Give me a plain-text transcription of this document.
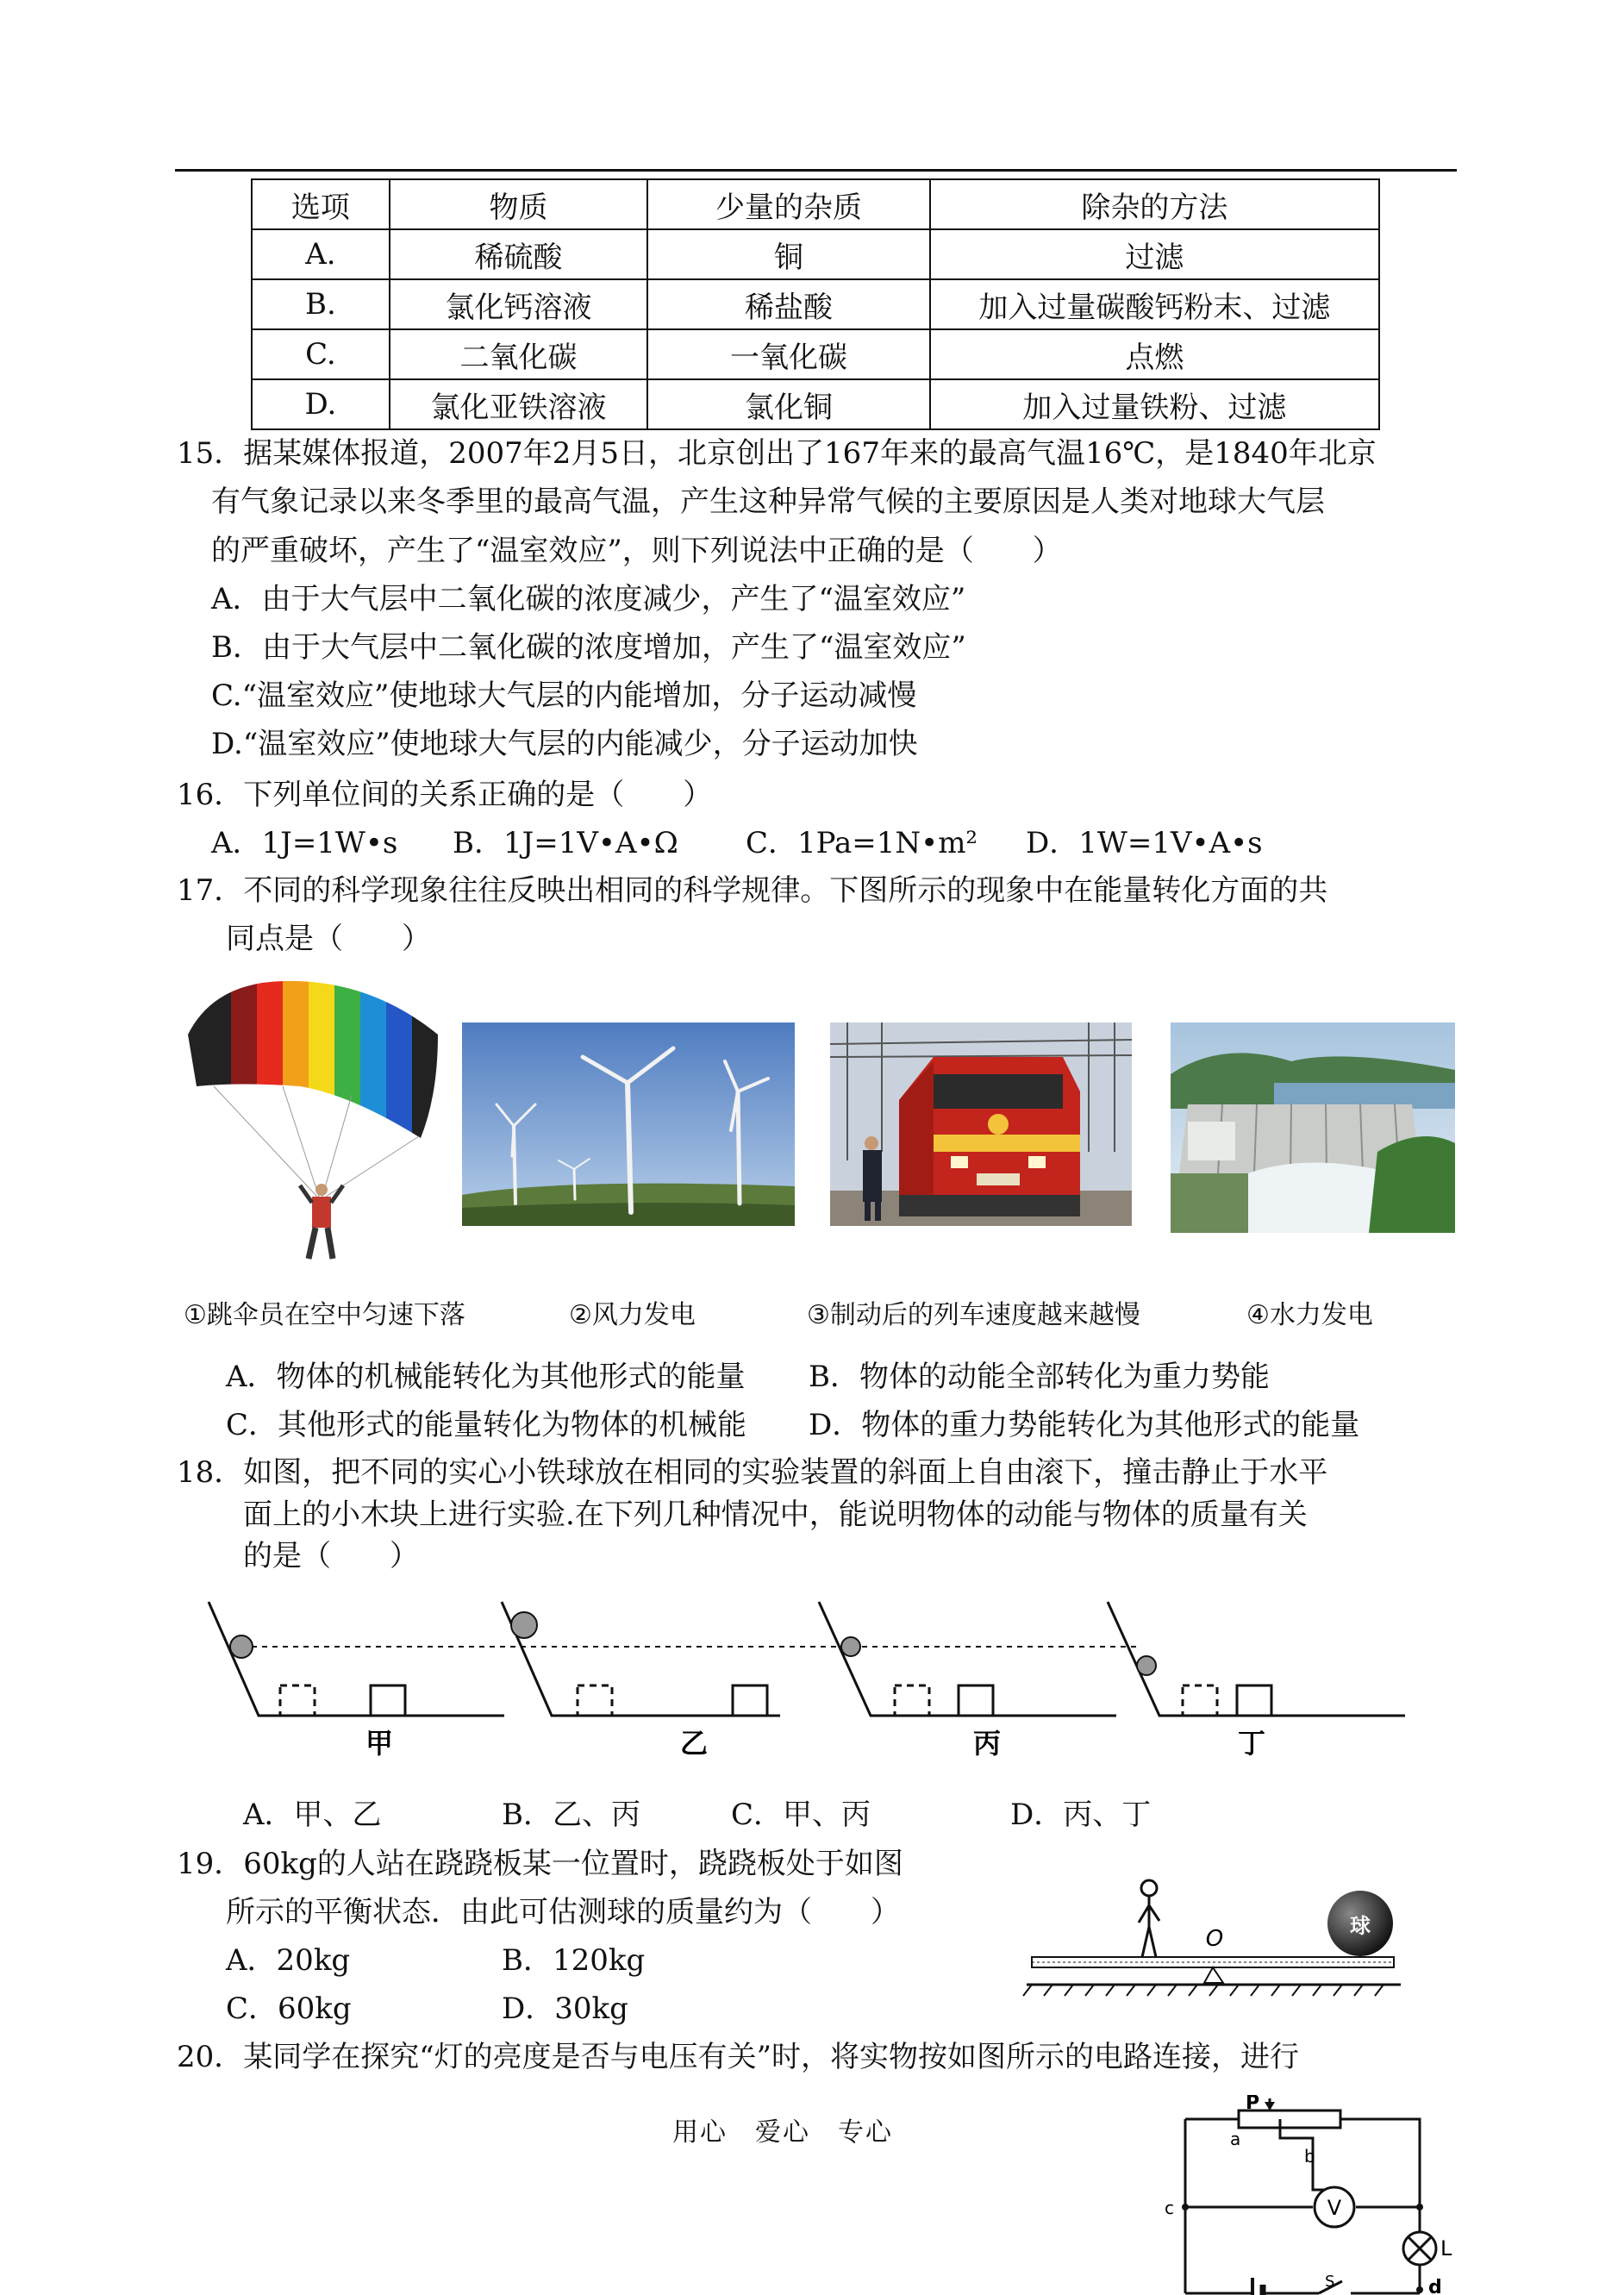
选项	物质	少量的杂质	除杂的方法
A.	稀硫酸	铜	过滤
B.	氯化钙溶液	稀盐酸	加入过量碳酸钙粉末、过滤
C.	二氧化碳	一氧化碳	点燃
D.	氯化亚铁溶液	氯化铜	加入过量铁粉、过滤
15．据某媒体报道，2007年2月5日，北京创出了167年来的最高气温16℃，是1840年北京
有气象记录以来冬季里的最高气温，产生这种异常气候的主要原因是人类对地球大气层
的严重破坏，产生了“温室效应”，则下列说法中正确的是（　　）
A．由于大气层中二氧化碳的浓度减少，产生了“温室效应”
B．由于大气层中二氧化碳的浓度增加，产生了“温室效应”
C.“温室效应”使地球大气层的内能增加，分子运动减慢
D.“温室效应”使地球大气层的内能减少，分子运动加快
16．下列单位间的关系正确的是（　　）
A．1J=1W•s B．1J=1V•A•Ω C．1Pa=1N•m² D．1W=1V•A•s
17．不同的科学现象往往反映出相同的科学规律。下图所示的现象中在能量转化方面的共
同点是（　　）
①跳伞员在空中匀速下落	②风力发电	③制动后的列车速度越来越慢	④水力发电
A．物体的机械能转化为其他形式的能量 B．物体的动能全部转化为重力势能
C．其他形式的能量转化为物体的机械能 D．物体的重力势能转化为其他形式的能量
18．如图，把不同的实心小铁球放在相同的实验装置的斜面上自由滚下，撞击静止于水平
面上的小木块上进行实验.在下列几种情况中，能说明物体的动能与物体的质量有关
的是（　　）
甲	乙	丙	丁
A．甲、乙	B．乙、丙	C．甲、丙	D．丙、丁
19．60kg的人站在跷跷板某一位置时，跷跷板处于如图
所示的平衡状态．由此可估测球的质量约为（　　）
A．20kg	B．120kg
C．60kg	D．30kg
O	球
20．某同学在探究“灯的亮度是否与电压有关”时，将实物按如图所示的电路连接，进行
用心　爱心　专心
P
a
b
c	V
L
S	d
